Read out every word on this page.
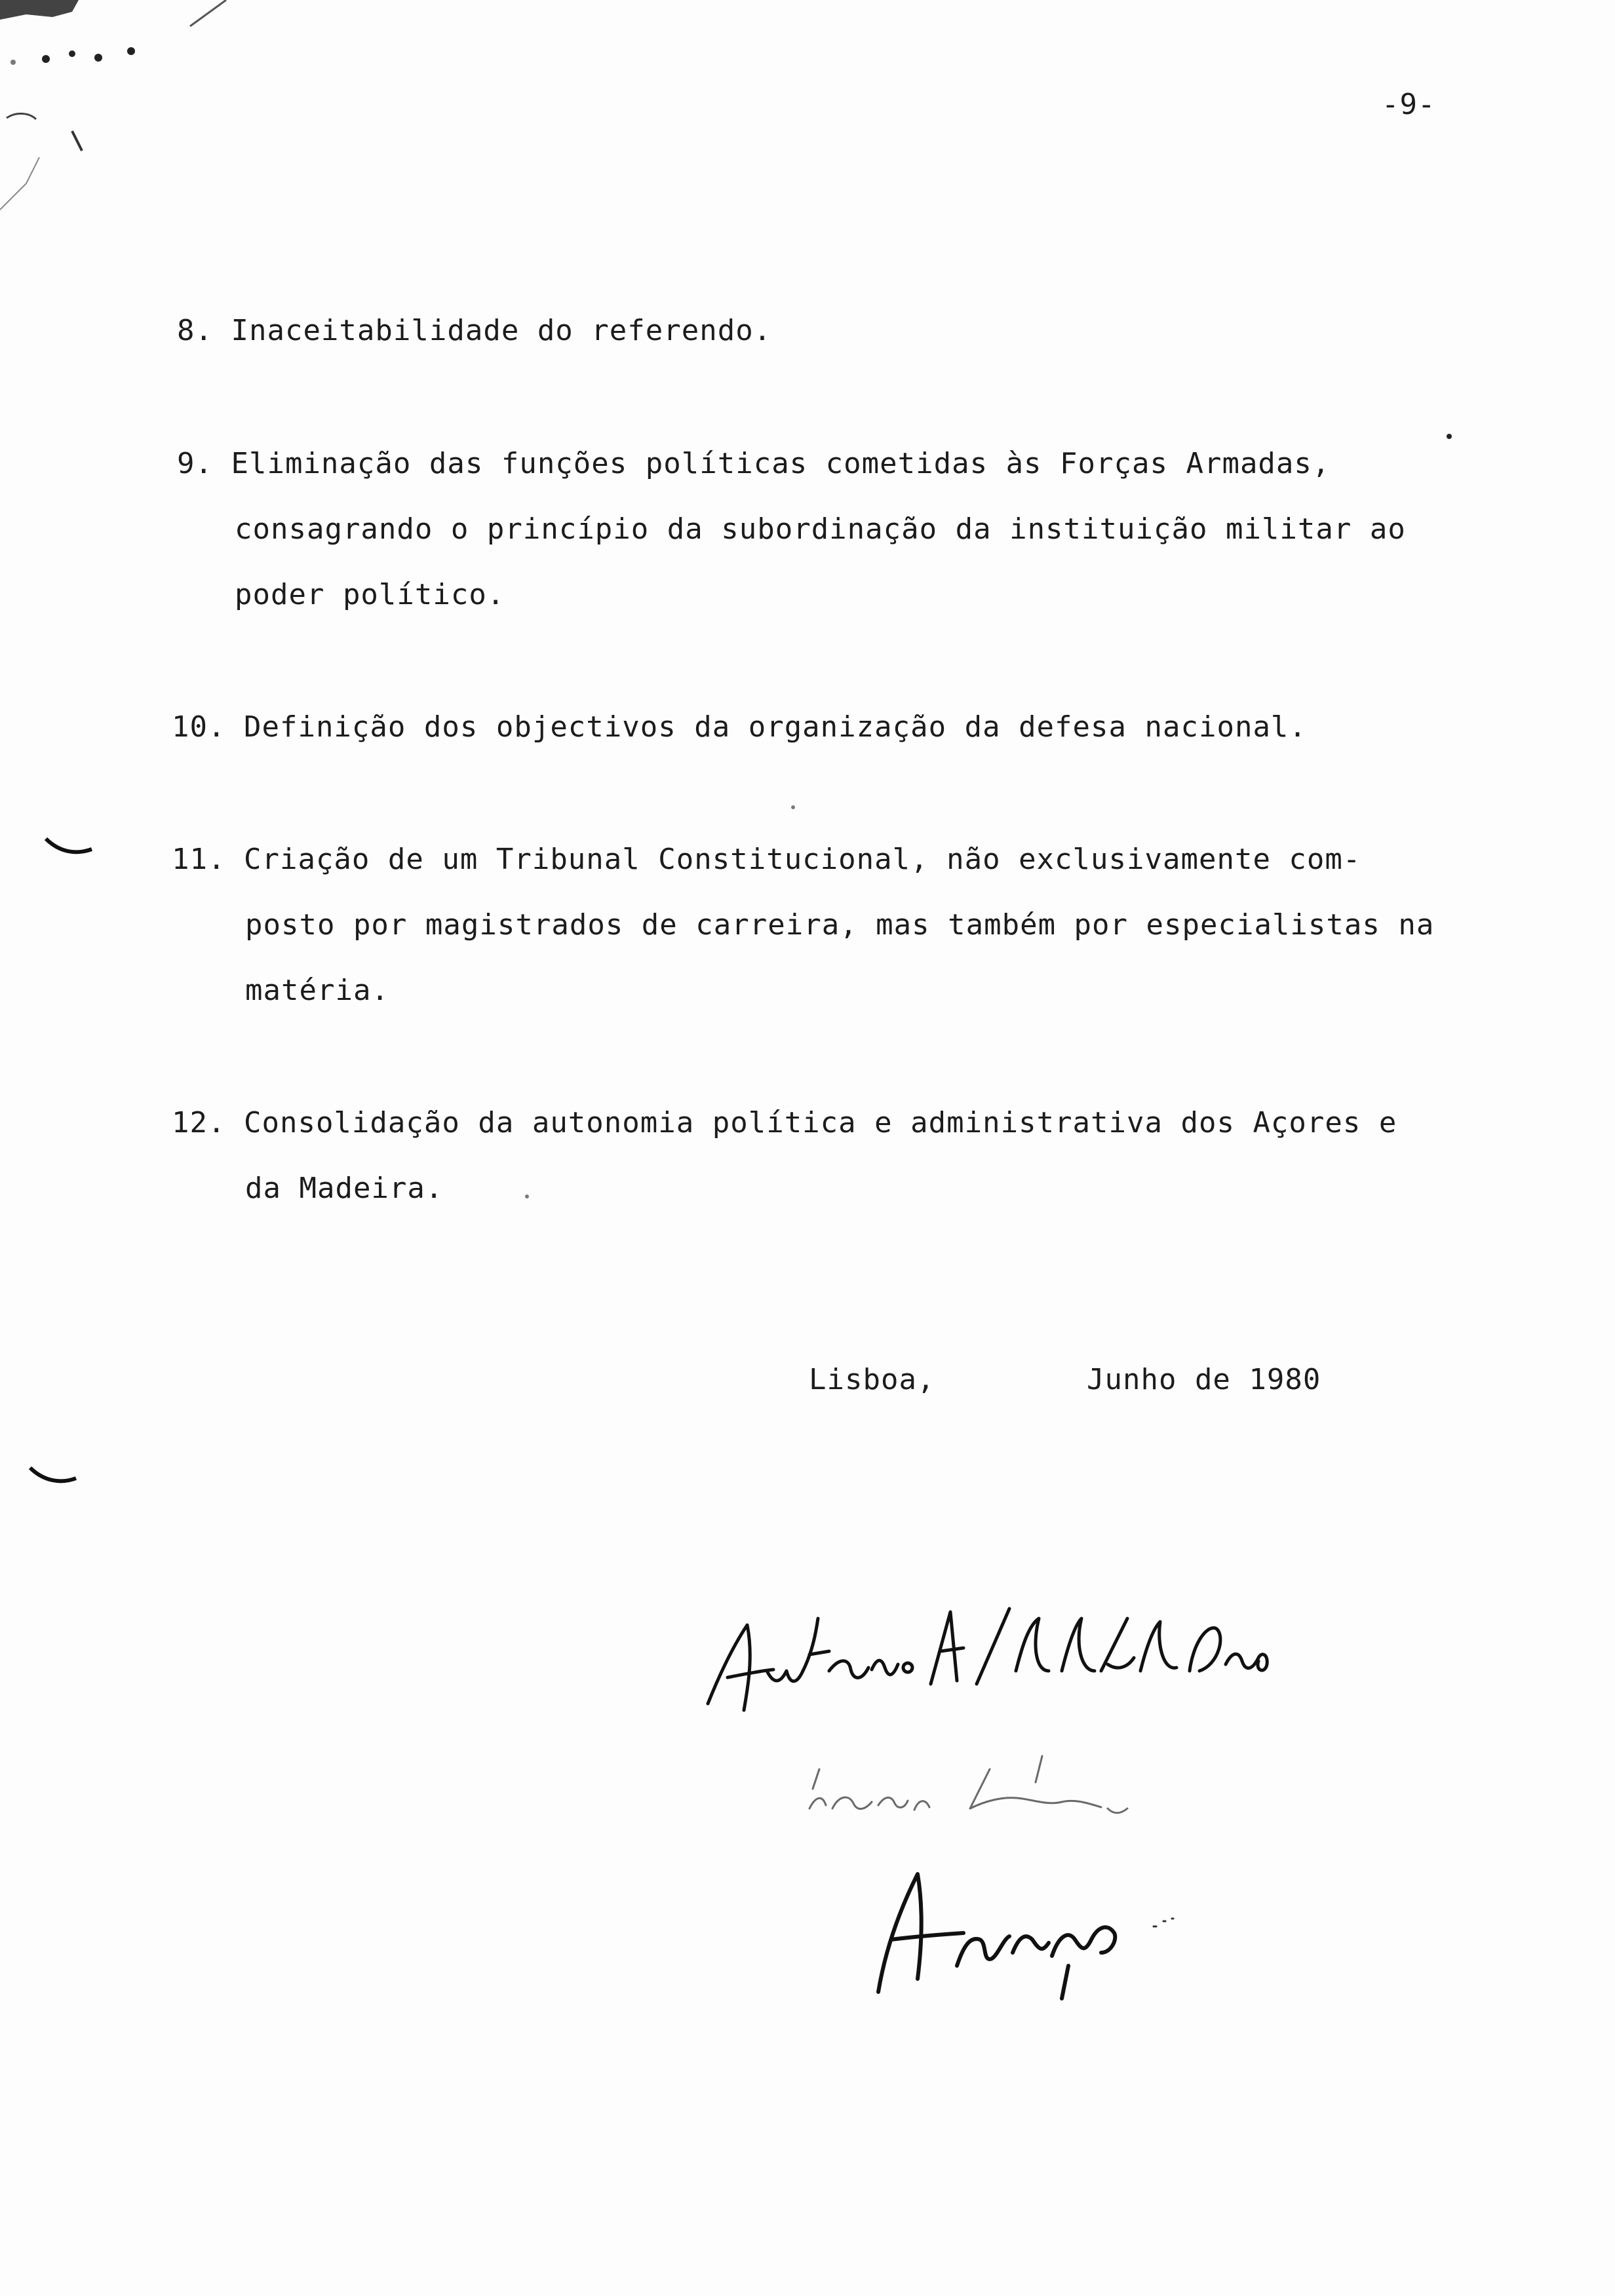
-9-
8. Inaceitabilidade do referendo.
9. Eliminação das funções políticas cometidas às Forças Armadas,
consagrando o princípio da subordinação da instituição militar ao
poder político.
10. Definição dos objectivos da organização da defesa nacional.
11. Criação de um Tribunal Constitucional, não exclusivamente com-
posto por magistrados de carreira, mas também por especialistas na
matéria.
12. Consolidação da autonomia política e administrativa dos Açores e
da Madeira.
Lisboa,	Junho de 1980
